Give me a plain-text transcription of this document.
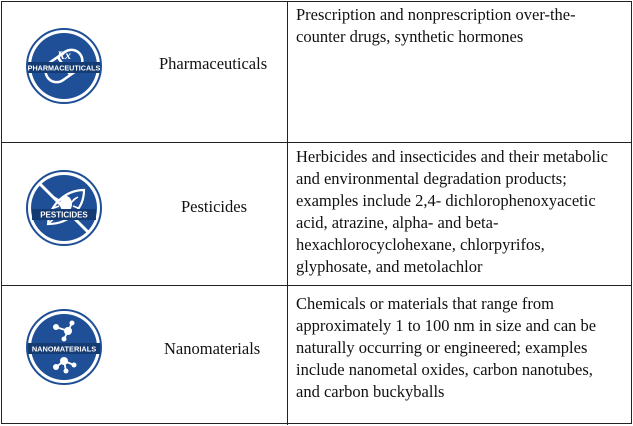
Rx
PHARMACEUTICALS	Pharmaceuticals
Prescription and nonprescription over-the-
counter drugs, synthetic hormones
PESTICIDES	Pesticides
Herbicides and insecticides and their metabolic
and environmental degradation products;
examples include 2,4- dichlorophenoxyacetic
acid, atrazine, alpha- and beta-
hexachlorocyclohexane, chlorpyrifos,
glyphosate, and metolachlor
NANOMATERIALS	Nanomaterials
Chemicals or materials that range from
approximately 1 to 100 nm in size and can be
naturally occurring or engineered; examples
include nanometal oxides, carbon nanotubes,
and carbon buckyballs
